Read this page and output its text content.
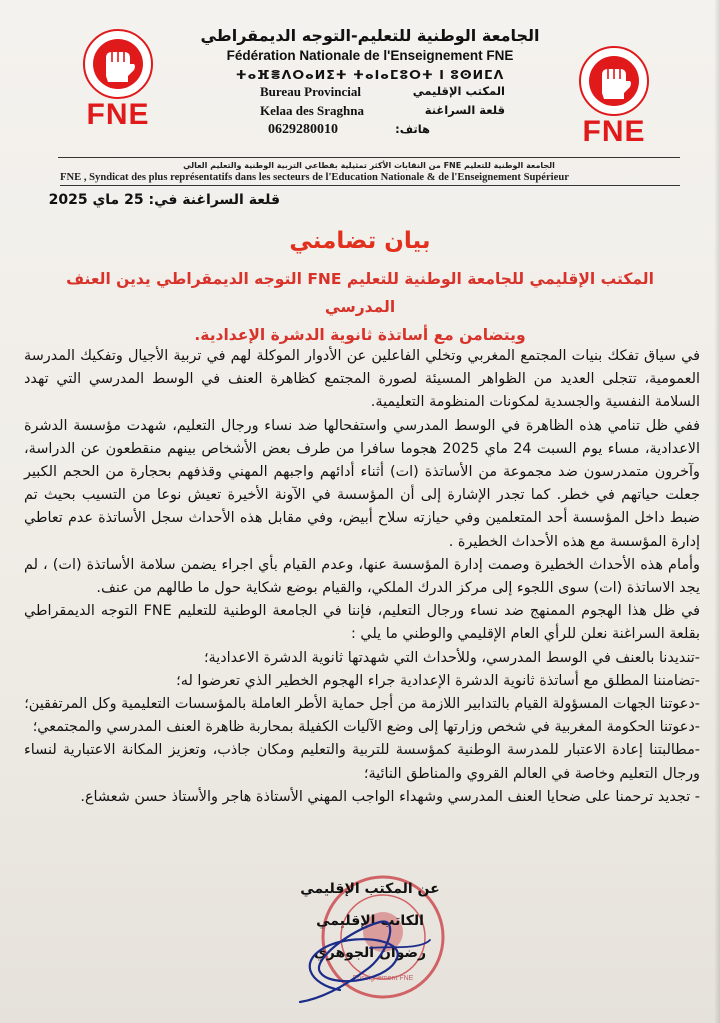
FNE
FNE
الجامعة الوطنية للتعليم-التوجه الديمقراطي
Fédération Nationale de l'Enseignement FNE
ⵜⴰⴼⴻⴷⵔⴰⵍⵉⵜ ⵜⴰⵏⴰⵎⵓⵔⵜ ⵏ ⵓⵙⵍⵎⴷ
Bureau Provincial	المكتب الإقليمي
Kelaa des Sraghna	قلعة السراغنة
0629280010	هاتف:
الجامعة الوطنية للتعليم FNE من النقابات الأكثر تمثيلية بقطاعي التربية الوطنية والتعليم العالي
FNE , Syndicat des plus représentatifs dans les secteurs de l'Education Nationale & de l'Enseignement Supérieur
قلعة السراغنة في: 25 ماي 2025
بيان تضامني
المكتب الإقليمي للجامعة الوطنية للتعليم FNE التوجه الديمقراطي يدين العنف المدرسي
ويتضامن مع أساتذة ثانوية الدشرة الإعدادية.

في سياق تفكك بنيات المجتمع المغربي وتخلي الفاعلين عن الأدوار الموكلة لهم في تربية الأجيال وتفكيك المدرسة العمومية، تتجلى العديد من الظواهر المسيئة لصورة المجتمع كظاهرة العنف في الوسط المدرسي التي تهدد السلامة النفسية والجسدية لمكونات المنظومة التعليمية.

ففي ظل تنامي هذه الظاهرة في الوسط المدرسي واستفحالها ضد نساء ورجال التعليم، شهدت مؤسسة الدشرة الاعدادية، مساء يوم السبت 24 ماي 2025 هجوما سافرا من طرف بعض الأشخاص بينهم منقطعون عن الدراسة، وآخرون متمدرسون ضد مجموعة من الأساتذة (ات) أثناء أدائهم واجبهم المهني وقذفهم بحجارة من الحجم الكبير جعلت حياتهم في خطر. كما تجدر الإشارة إلى أن المؤسسة في الآونة الأخيرة تعيش نوعا من التسيب بحيث تم ضبط داخل المؤسسة أحد المتعلمين وفي حيازته سلاح أبيض، وفي مقابل هذه الأحداث سجل الأساتذة عدم تعاطي إدارة المؤسسة مع هذه الأحداث الخطيرة .

وأمام هذه الأحداث الخطيرة وصمت إدارة المؤسسة عنها، وعدم القيام بأي اجراء يضمن سلامة الأساتذة (ات) ، لم يجد الاساتذة (ات) سوى اللجوء إلى مركز الدرك الملكي، والقيام بوضع شكاية حول ما طالهم من عنف.

في ظل هذا الهجوم الممنهج ضد نساء ورجال التعليم، فإننا في الجامعة الوطنية للتعليم FNE التوجه الديمقراطي بقلعة السراغنة نعلن للرأي العام الإقليمي والوطني ما يلي :

-تنديدنا بالعنف في الوسط المدرسي، وللأحداث التي شهدتها ثانوية الدشرة الاعدادية؛

-تضامننا المطلق مع أساتذة ثانوية الدشرة الإعدادية جراء الهجوم الخطير الذي تعرضوا له؛

-دعوتنا الجهات المسؤولة القيام بالتدابير اللازمة من أجل حماية الأطر العاملة بالمؤسسات التعليمية وكل المرتفقين؛

-دعوتنا الحكومة المغربية في شخص وزارتها إلى وضع الآليات الكفيلة بمحاربة ظاهرة العنف المدرسي والمجتمعي؛

-مطالبتنا إعادة الاعتبار للمدرسة الوطنية كمؤسسة للتربية والتعليم ومكان جاذب، وتعزيز المكانة الاعتبارية لنساء ورجال التعليم وخاصة في العالم القروي والمناطق النائية؛

- تجديد ترحمنا على ضحايا العنف المدرسي وشهداء الواجب المهني الأستاذة هاجر والأستاذ حسن شعشاع.

Enseignement FNE
عن المكتب الإقليمي
الكاتب الإقليمي
رضوان الجوهري
